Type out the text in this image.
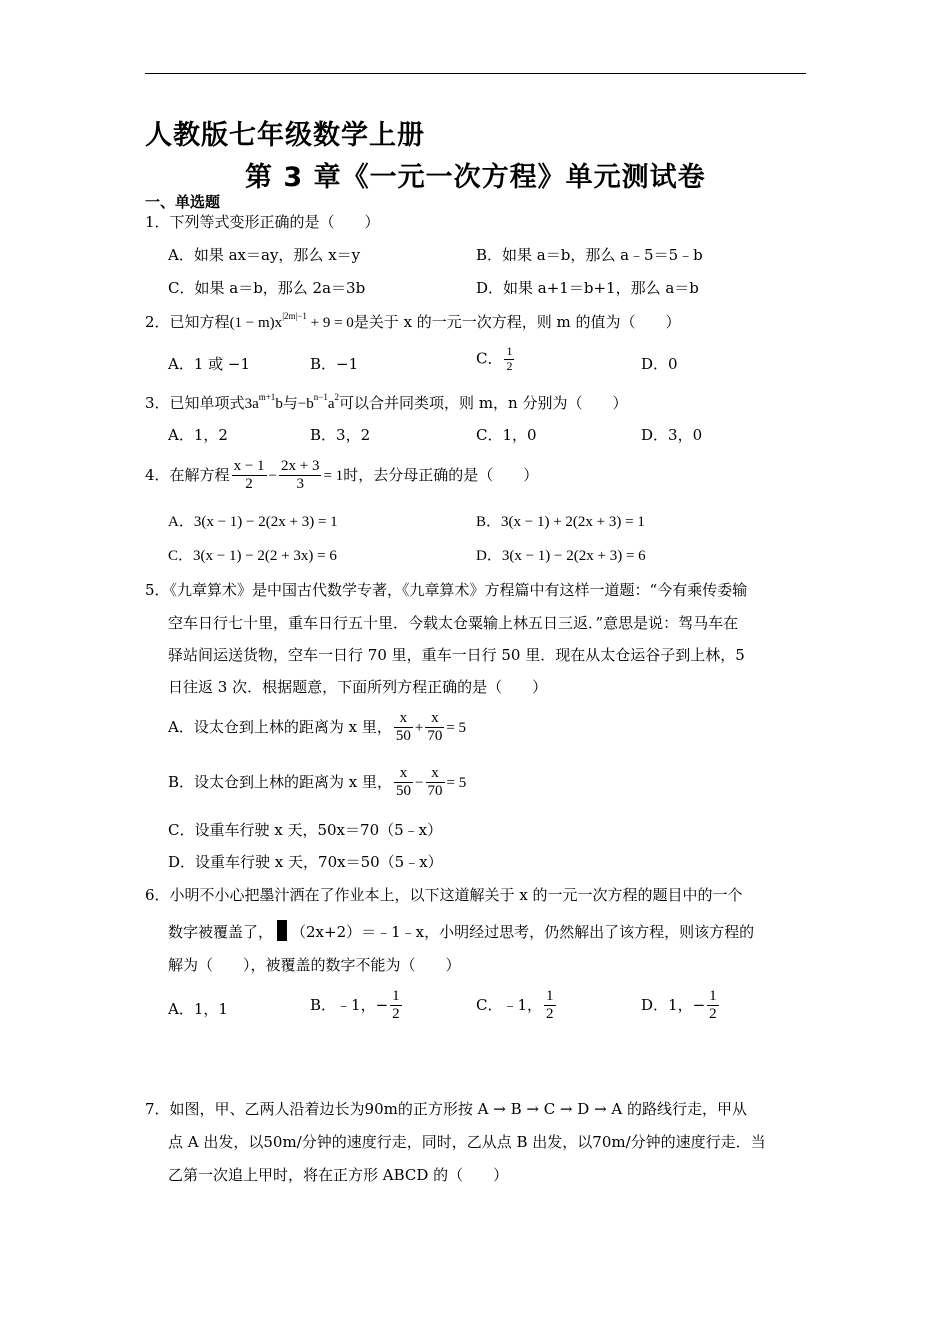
人教版七年级数学上册
第 3 章《一元一次方程》单元测试卷
一、单选题
1．下列等式变形正确的是（　　）
A．如果 ax＝ay，那么 x＝y	B．如果 a＝b，那么 a﹣5＝5﹣b
C．如果 a＝b，那么 2a＝3b	D．如果 a+1＝b+1，那么 a＝b
2．已知方程$(1 - m)x^{|2m|-1} + 9 = 0$是关于 x 的一元一次方程，则 m 的值为（　　）
A．1 或 −1	B．−1	C． $\frac{1}{2}$	D．0
3．已知单项式$3a^{m+1}b$与$-b^{n-1}a^2$可以合并同类项，则 m，n 分别为（　　）
A．1，2	B．3，2	C．1，0	D．3，0
4．在解方程 $\frac{x - 1}{2} - \frac{2x + 3}{3} = 1$时，去分母正确的是（　　）
A．3(x − 1) − 2(2x + 3) = 1	B．3(x − 1) + 2(2x + 3) = 1
C．3(x − 1) − 2(2 + 3x) = 6	D．3(x − 1) − 2(2x + 3) = 6
5．《九章算术》是中国古代数学专著，《九章算术》方程篇中有这样一道题：“今有乘传委输
空车日行七十里，重车日行五十里．今载太仓粟输上林五日三返．”意思是说：驾马车在
驿站间运送货物，空车一日行 70 里，重车一日行 50 里．现在从太仓运谷子到上林，5
日往返 3 次．根据题意，下面所列方程正确的是（　　）
A．设太仓到上林的距离为 x 里， $\frac{x}{50} + \frac{x}{70} = 5$
B．设太仓到上林的距离为 x 里， $\frac{x}{50} - \frac{x}{70} = 5$
C．设重车行驶 x 天，50x＝70（5﹣x）
D．设重车行驶 x 天，70x＝50（5﹣x）
6．小明不小心把墨汁洒在了作业本上，以下这道解关于 x 的一元一次方程的题目中的一个
数字被覆盖了， （2x+2）＝﹣1﹣x，小明经过思考，仍然解出了该方程，则该方程的
解为（　　），被覆盖的数字不能为（　　）
A．1，1	B．﹣1，− $\frac{1}{2}$	C．﹣1， $\frac{1}{2}$	D．1，− $\frac{1}{2}$
7．如图，甲、乙两人沿着边长为90m的正方形按 A → B → C → D → A 的路线行走，甲从
点 A 出发，以50m/分钟的速度行走，同时，乙从点 B 出发，以70m/分钟的速度行走．当
乙第一次追上甲时，将在正方形 ABCD 的（　　）
